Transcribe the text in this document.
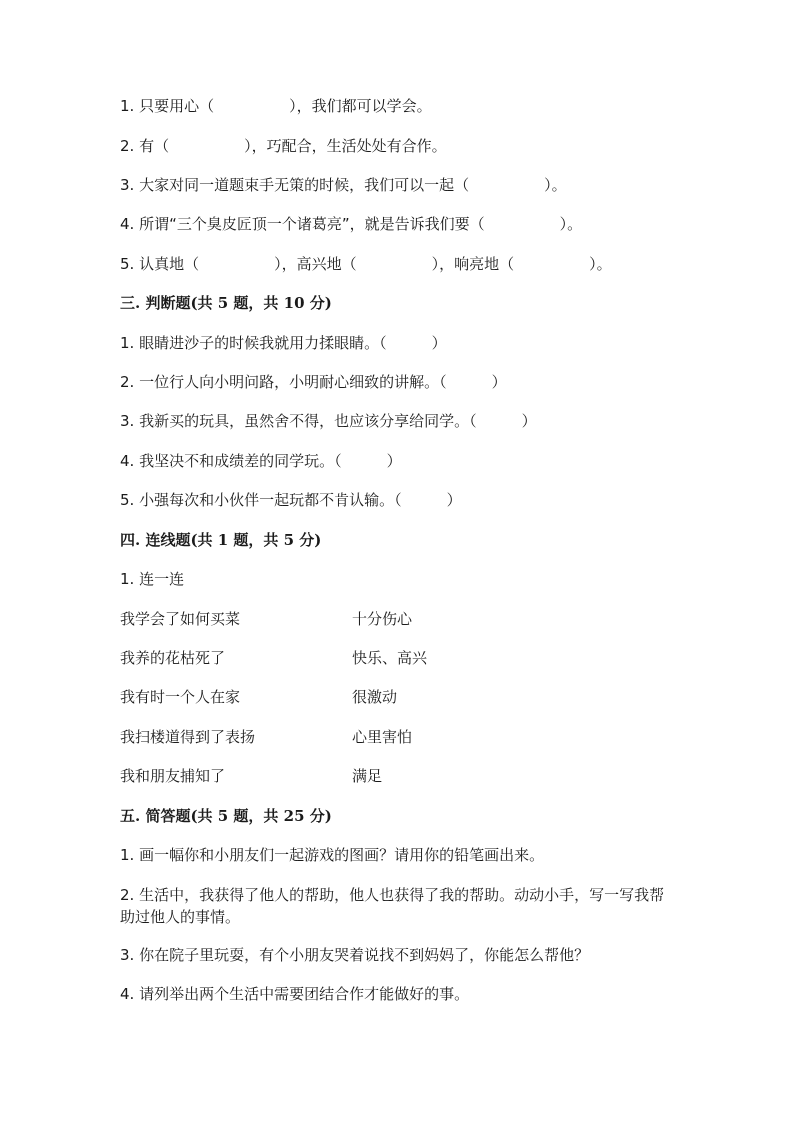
1. 只要用心（　　　　　），我们都可以学会。
2. 有（　　　　　），巧配合，生活处处有合作。
3. 大家对同一道题束手无策的时候，我们可以一起（　　　　　）。
4. 所谓“三个臭皮匠顶一个诸葛亮”，就是告诉我们要（　　　　　）。
5. 认真地（　　　　　），高兴地（　　　　　），响亮地（　　　　　）。
三. 判断题(共 5 题，共 10 分)
1. 眼睛进沙子的时候我就用力揉眼睛。（　　　）
2. 一位行人向小明问路，小明耐心细致的讲解。（　　　）
3. 我新买的玩具，虽然舍不得，也应该分享给同学。（　　　）
4. 我坚决不和成绩差的同学玩。（　　　）
5. 小强每次和小伙伴一起玩都不肯认输。（　　　）
四. 连线题(共 1 题，共 5 分)
1. 连一连
我学会了如何买菜	十分伤心
我养的花枯死了	快乐、高兴
我有时一个人在家	很激动
我扫楼道得到了表扬	心里害怕
我和朋友捕知了	满足
五. 简答题(共 5 题，共 25 分)
1. 画一幅你和小朋友们一起游戏的图画？请用你的铅笔画出来。
2. 生活中，我获得了他人的帮助，他人也获得了我的帮助。动动小手，写一写我帮助过他人的事情。
3. 你在院子里玩耍，有个小朋友哭着说找不到妈妈了，你能怎么帮他？
4. 请列举出两个生活中需要团结合作才能做好的事。
